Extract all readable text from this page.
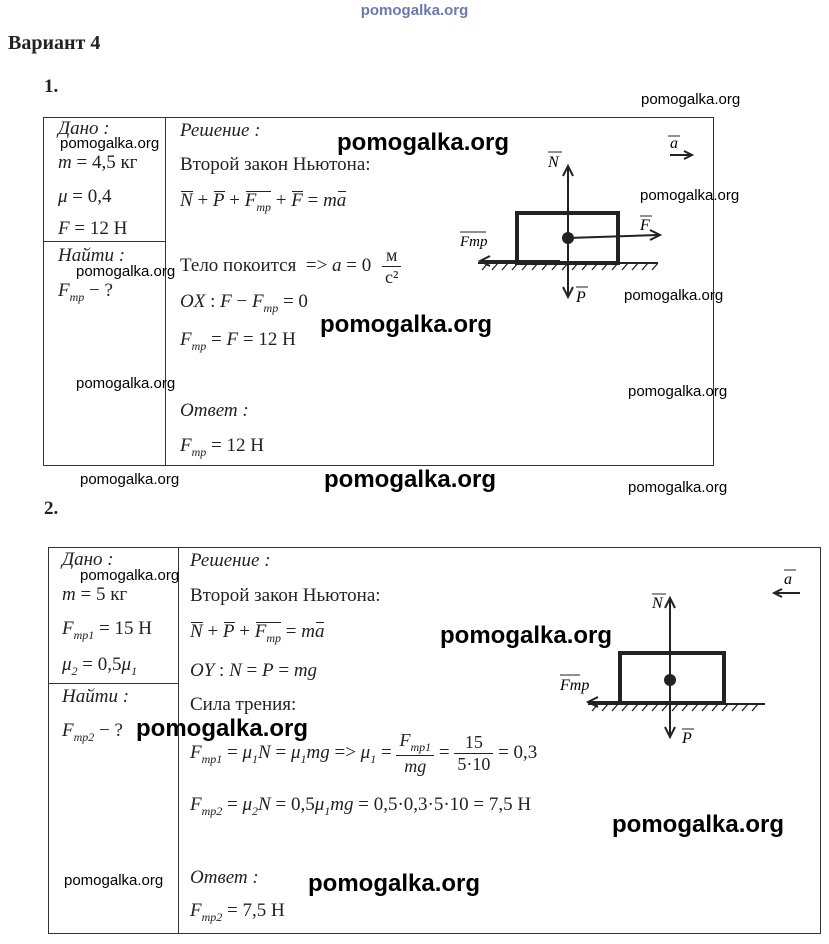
pomogalka.org
Вариант 4
1.
Дано :
m = 4,5 кг
μ = 0,4
F = 12 Н
Найти :
$F_{тр}$ − ?
Решение :
Второй закон Ньютона:
$N + P + F_{тр} + F$ = ma
Тело покоится  => $a = 0 \frac{м}{\text{с²}}$
OX : $F - F_{тр} = 0$
$F_{тр} = F = 12$ Н
Ответ :
$F_{тр} = 12$ Н
N
P
F
Fтр
a
2.
Дано :
m = 5 кг
$F_{тр1} = 15$ Н
$\mu_2 = 0,5\mu_1$
Найти :
$F_{тр2}$ − ?
Решение :
Второй закон Ньютона:
$N + P + F_{тр}$ = ma
OY : N = P = mg
Сила трения:
$F_{тр1} = \mu_1N = \mu_1mg => \mu_1 = \frac{F_{тр1}}{mg} = \frac{15}{5\cdot 10} = 0,3$
$F_{тр2} = \mu_2N = 0,5\mu_1mg = 0,5\cdot 0,3\cdot 5\cdot 10 = 7,5$ Н
Ответ :
$F_{тр2} = 7,5$ Н
N
P
Fтр
a
pomogalka.org
pomogalka.org	pomogalka.org
pomogalka.org
pomogalka.org
pomogalka.org
pomogalka.org
pomogalka.org	pomogalka.org
pomogalka.org	pomogalka.org	pomogalka.org
pomogalka.org
pomogalka.org
pomogalka.org
pomogalka.org
pomogalka.org	pomogalka.org
